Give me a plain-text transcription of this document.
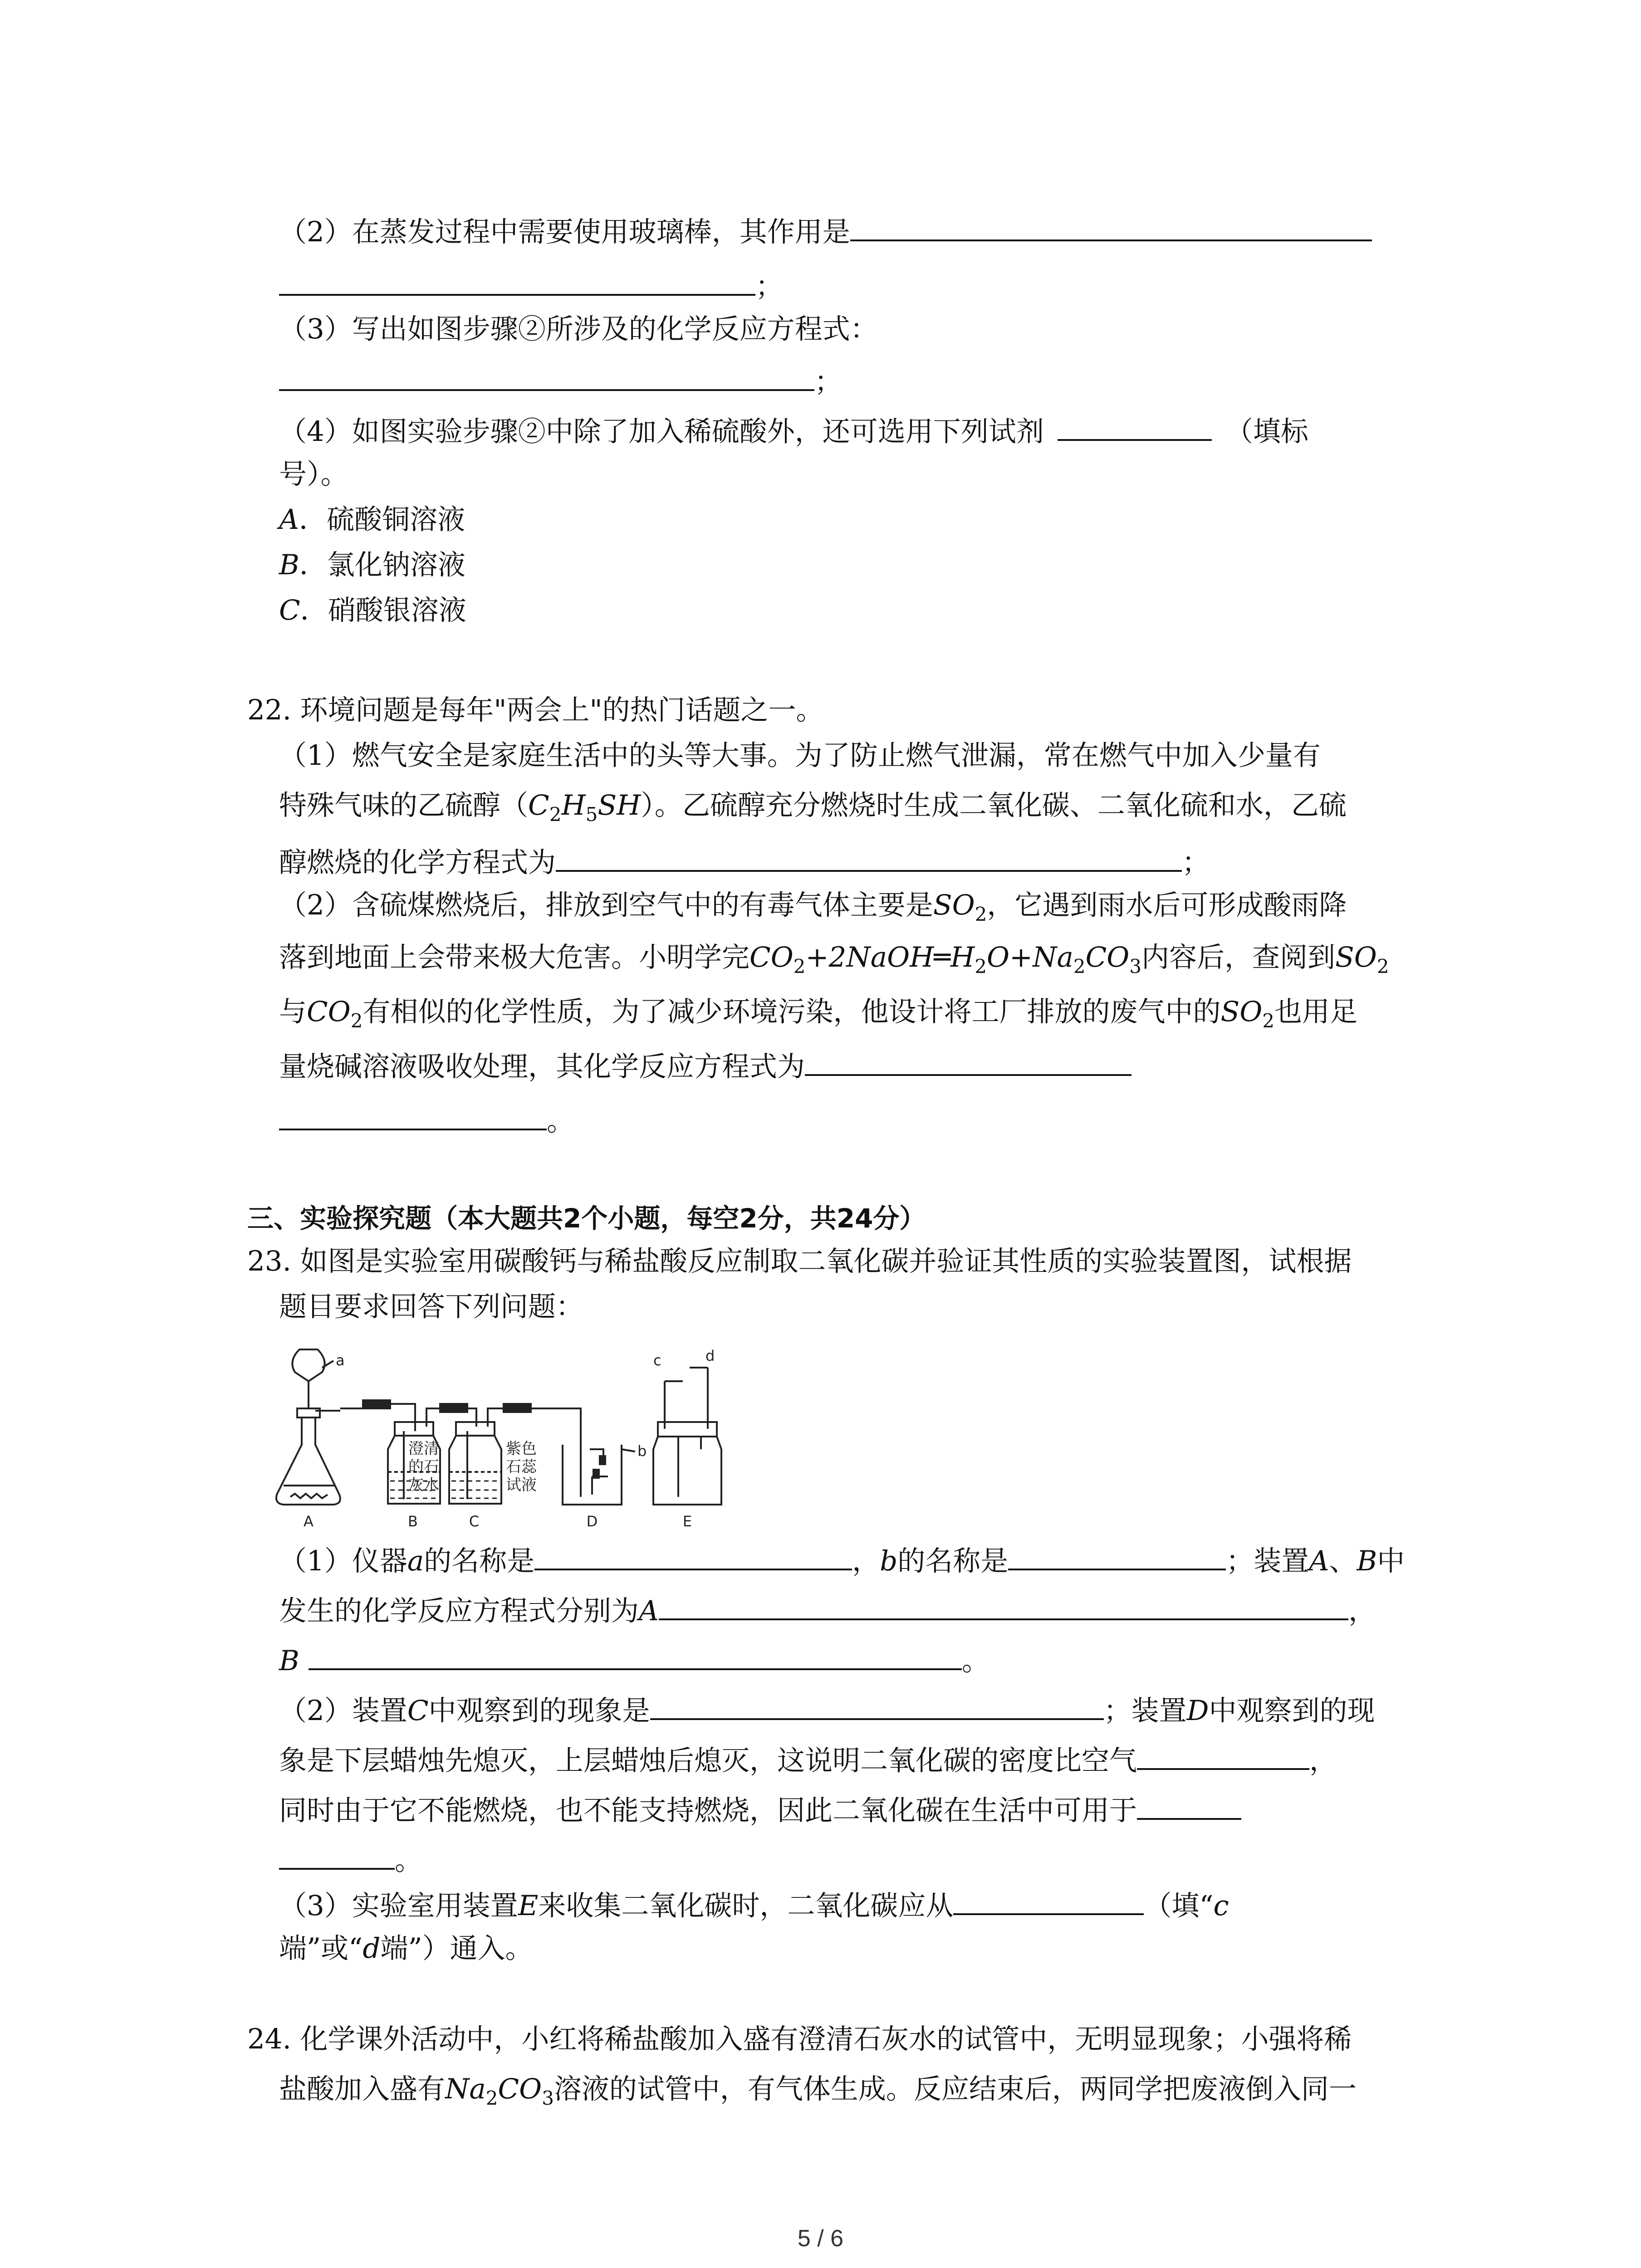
（2）在蒸发过程中需要使用玻璃棒，其作用是
；
（3）写出如图步骤②所涉及的化学反应方程式：
；
（4）如图实验步骤②中除了加入稀硫酸外，还可选用下列试剂	（填标
号）。
A．硫酸铜溶液
B．氯化钠溶液
C．硝酸银溶液
22. 环境问题是每年"两会上"的热门话题之一。
（1）燃气安全是家庭生活中的头等大事。为了防止燃气泄漏，常在燃气中加入少量有
特殊气味的乙硫醇$(C_2H_5SH)$。乙硫醇充分燃烧时生成二氧化碳、二氧化硫和水，乙硫
醇燃烧的化学方程式为	；
（2）含硫煤燃烧后，排放到空气中的有毒气体主要是$SO_2$，它遇到雨水后可形成酸雨降
落到地面上会带来极大危害。小明学完$CO_2+2NaOH═H_2O+Na_2CO_3$内容后，查阅到$SO_2$
与$CO_2$有相似的化学性质，为了减少环境污染，他设计将工厂排放的废气中的$SO_2$也用足
量烧碱溶液吸收处理，其化学反应方程式为
。
三、实验探究题（本大题共2个小题，每空2分，共24分）
23. 如图是实验室用碳酸钙与稀盐酸反应制取二氧化碳并验证其性质的实验装置图，试根据
题目要求回答下列问题：
a
b
c	d
澄清
的石
灰水
紫色
石蕊
试液
A	B	C	D	E
（1）仪器a的名称是	，b的名称是	；装置A、B中
发生的化学反应方程式分别为A	，
B	。
（2）装置C中观察到的现象是	；装置D中观察到的现
象是下层蜡烛先熄灭，上层蜡烛后熄灭，这说明二氧化碳的密度比空气	，
同时由于它不能燃烧，也不能支持燃烧，因此二氧化碳在生活中可用于
。
（3）实验室用装置E来收集二氧化碳时，二氧化碳应从	（填“c
端”或“d端”）通入。
24. 化学课外活动中，小红将稀盐酸加入盛有澄清石灰水的试管中，无明显现象；小强将稀
盐酸加入盛有$Na_2CO_3$溶液的试管中，有气体生成。反应结束后，两同学把废液倒入同一
5 / 6
